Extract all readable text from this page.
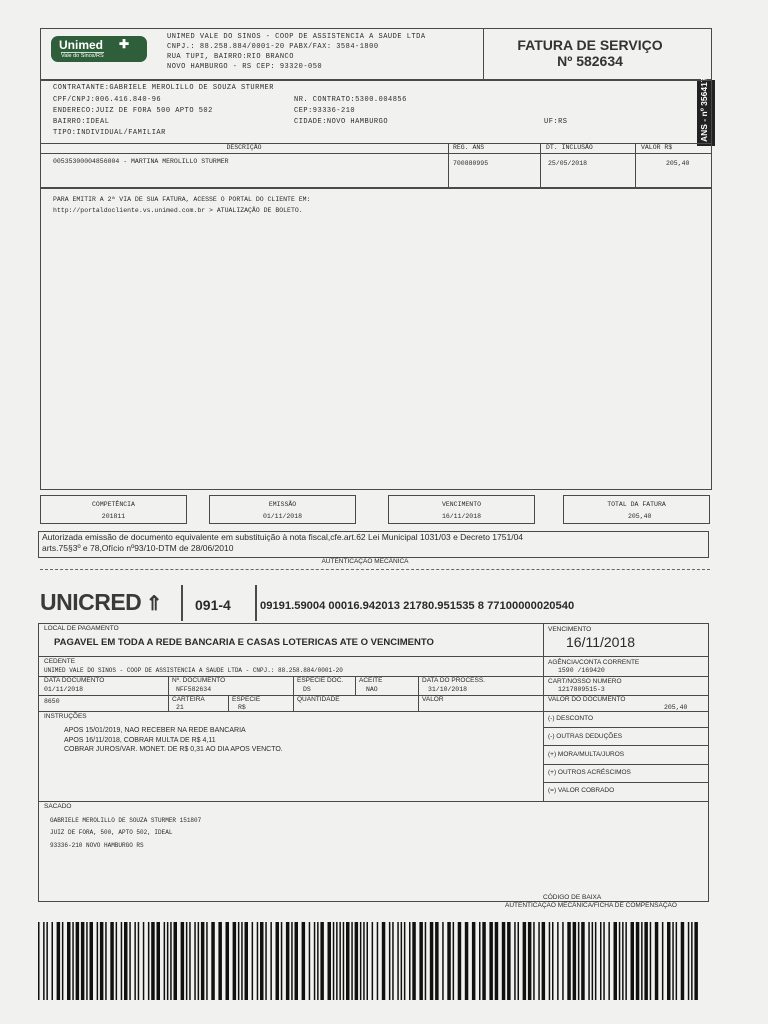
Unimed ✚
Vale do Sinos/RS
UNIMED VALE DO SINOS - COOP DE ASSISTENCIA A SAUDE LTDA
CNPJ.: 88.258.884/0001-20 PABX/FAX: 3584-1800
RUA TUPI, BAIRRO:RIO BRANCO
NOVO HAMBURGO - RS CEP: 93320-050
FATURA DE SERVIÇO
Nº 582634
ANS - nº 356417
CONTRATANTE:GABRIELE MEROLILLO DE SOUZA STURMER
CPF/CNPJ:006.416.840-96
ENDERECO:JUIZ DE FORA 500 APTO 502
BAIRRO:IDEAL
TIPO:INDIVIDUAL/FAMILIAR
NR. CONTRATO:5300.004856
CEP:93336-210
CIDADE:NOVO HAMBURGO	UF:RS
DESCRIÇÃO	REG. ANS	DT. INCLUSÃO	VALOR R$
00535300004856004 - MARTINA MEROLILLO STURMER	700880995	25/05/2018	205,40
PARA EMITIR A 2ª VIA DE SUA FATURA, ACESSE O PORTAL DO CLIENTE EM:
http://portaldocliente.vs.unimed.com.br > ATUALIZAÇÃO DE BOLETO.
COMPETÊNCIA
201811
EMISSÃO
01/11/2018
VENCIMENTO
16/11/2018
TOTAL DA FATURA
205,40
Autorizada emissão de documento equivalente em substituição à nota fiscal,cfe.art.62 Lei Municipal 1031/03 e Decreto 1751/04
arts.75§3º e 78,Ofício nº93/10-DTM de 28/06/2010
AUTENTICAÇÃO MECÂNICA
UNICRED ⇑ 091-4	09191.59004 00016.942013 21780.951535 8 77100000020540
LOCAL DE PAGAMENTO
PAGAVEL EM TODA A REDE BANCARIA E CASAS LOTERICAS ATE O VENCIMENTO
VENCIMENTO
16/11/2018
CEDENTE
UNIMED VALE DO SINOS - COOP DE ASSISTENCIA A SAUDE LTDA - CNPJ.: 88.258.884/0001-20
AGÊNCIA/CONTA CORRENTE
1590 /169420
DATA DOCUMENTO
01/11/2018
Nº. DOCUMENTO
NFF582634
ESPECIE DOC.
DS
ACEITE
NAO
DATA DO PROCESS.
31/10/2018
CART/NOSSO NUMERO
1217809515-3
8650	CARTEIRA
21
ESPECIE
R$
QUANTIDADE	VALOR	VALOR DO DOCUMENTO
205,40
INSTRUÇÕES
APOS 15/01/2019, NAO RECEBER NA REDE BANCARIA
APOS 16/11/2018, COBRAR MULTA DE R$ 4,11
COBRAR JUROS/VAR. MONET. DE R$ 0,31 AO DIA APOS VENCTO.
(-) DESCONTO
(-) OUTRAS DEDUÇÕES
(+) MORA/MULTA/JUROS
(+) OUTROS ACRÉSCIMOS
(=) VALOR COBRADO
SACADO
GABRIELE MEROLILLO DE SOUZA STURMER 151807
JUIZ DE FORA, 500, APTO 502, IDEAL
93336-210 NOVO HAMBURGO RS
CÓDIGO DE BAIXA
AUTENTICAÇÃO MECÂNICA/FICHA DE COMPENSAÇÃO
